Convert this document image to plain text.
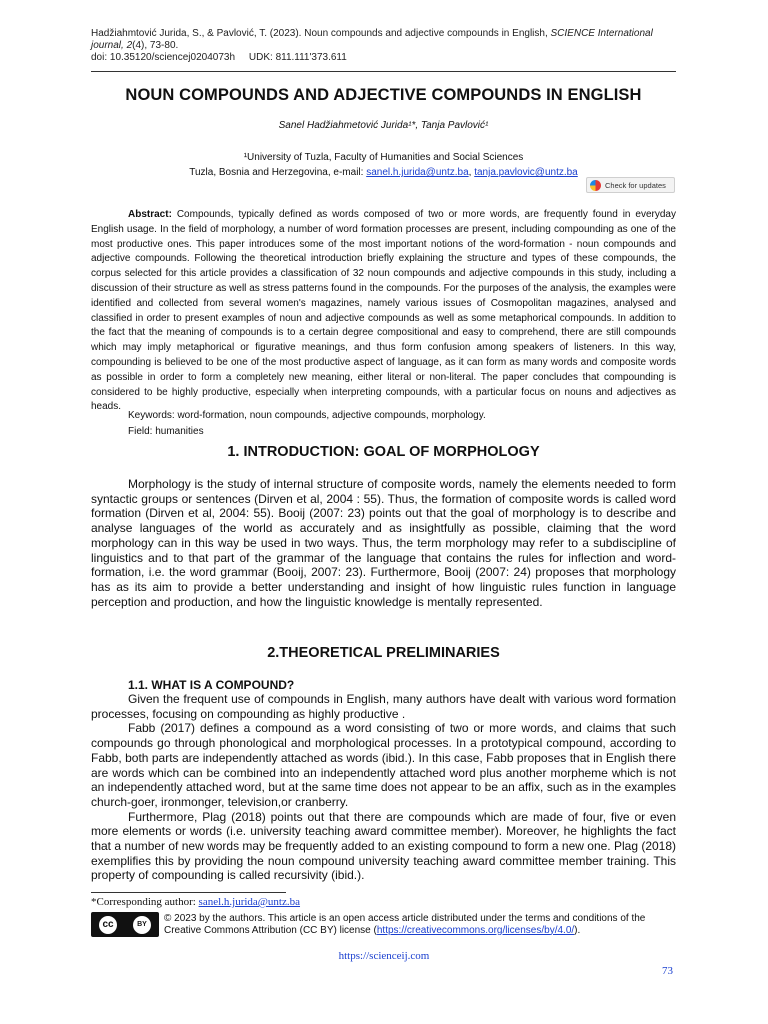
Hadžiahmtović Jurida, S., & Pavlović, T. (2023). Noun compounds and adjective compounds in English, SCIENCE International journal, 2(4), 73-80.
doi: 10.35120/sciencej0204073h     UDK: 811.111'373.611
NOUN COMPOUNDS AND ADJECTIVE COMPOUNDS IN ENGLISH
Sanel Hadžiahmetović Jurida¹*, Tanja Pavlović¹
¹University of Tuzla, Faculty of Humanities and Social Sciences
Tuzla, Bosnia and Herzegovina, e-mail: sanel.h.jurida@untz.ba, tanja.pavlovic@untz.ba
Check for updates

Abstract: Compounds, typically defined as words composed of two or more words, are frequently found in everyday English usage. In the field of morphology, a number of word formation processes are present, including compounding as one of the most productive ones. This paper introduces some of the most important notions of the word-formation - noun compounds and adjective compounds. Following the theoretical introduction briefly explaining the structure and types of these compounds, the corpus selected for this article provides a classification of 32 noun compounds and adjective compounds in this study, including a discussion of their structure as well as stress patterns found in the compounds. For the purposes of the analysis, the examples were identified and collected from several women's magazines, namely various issues of Cosmopolitan magazines, analysed and classified in order to present examples of noun and adjective compounds as well as some metaphorical compounds. In addition to the fact that the meaning of compounds is to a certain degree compositional and easy to comprehend, there are still compounds which may imply metaphorical or figurative meanings, and thus form confusion among speakers of listeners. In this way, compounding is believed to be one of the most productive aspect of language, as it can form as many words and composite words as possible in order to form a completely new meaning, either literal or non-literal. The paper concludes that compounding is considered to be highly productive, especially when interpreting compounds, with a particular focus on nouns and adjectives as heads.

Keywords: word-formation, noun compounds, adjective compounds, morphology.
Field: humanities
1. INTRODUCTION: GOAL OF MORPHOLOGY

Morphology is the study of internal structure of composite words, namely the elements needed to form syntactic groups or sentences (Dirven et al, 2004 : 55). Thus, the formation of composite words is called word formation (Dirven et al, 2004: 55). Booij (2007: 23) points out that the goal of morphology is to describe and analyse languages of the world as accurately and as insightfully as possible, claiming that the word morphology can in this way be used in two ways. Thus, the term morphology may refer to a subdiscipline of linguistics and to that part of the grammar of the language that contains the rules for inflection and word-formation, i.e. the word grammar (Booij, 2007: 23). Furthermore, Booij (2007: 24) proposes that morphology has as its aim to provide a better understanding and insight of how linguistic rules function in language perception and production, and how the linguistic knowledge is mentally represented.

2.THEORETICAL PRELIMINARIES
1.1. WHAT IS A COMPOUND?

Given the frequent use of compounds in English, many authors have dealt with various word formation processes, focusing on compounding as highly productive .

Fabb (2017) defines a compound as a word consisting of two or more words, and claims that such compounds go through phonological and morphological processes. In a prototypical compound, according to Fabb, both parts are independently attached as words (ibid.). In this case, Fabb proposes that in English there are words which can be combined into an independently attached word plus another morpheme which is not an independently attached word, but at the same time does not appear to be an affix, such as in the examples church-goer, ironmonger, television,or cranberry.

Furthermore, Plag (2018) points out that there are compounds which are made of four, five or even more elements or words (i.e. university teaching award committee member). Moreover, he highlights the fact that a number of new words may be frequently added to an existing compound to form a new one. Plag (2018) exemplifies this by providing the noun compound university teaching award committee member training. This property of compounding is called recursivity (ibid.).

*Corresponding author: sanel.h.jurida@untz.ba
cc	BY
© 2023 by the authors. This article is an open access article distributed under the terms and conditions of the Creative Commons Attribution (CC BY) license (https://creativecommons.org/licenses/by/4.0/).
https://scienceij.com
73
